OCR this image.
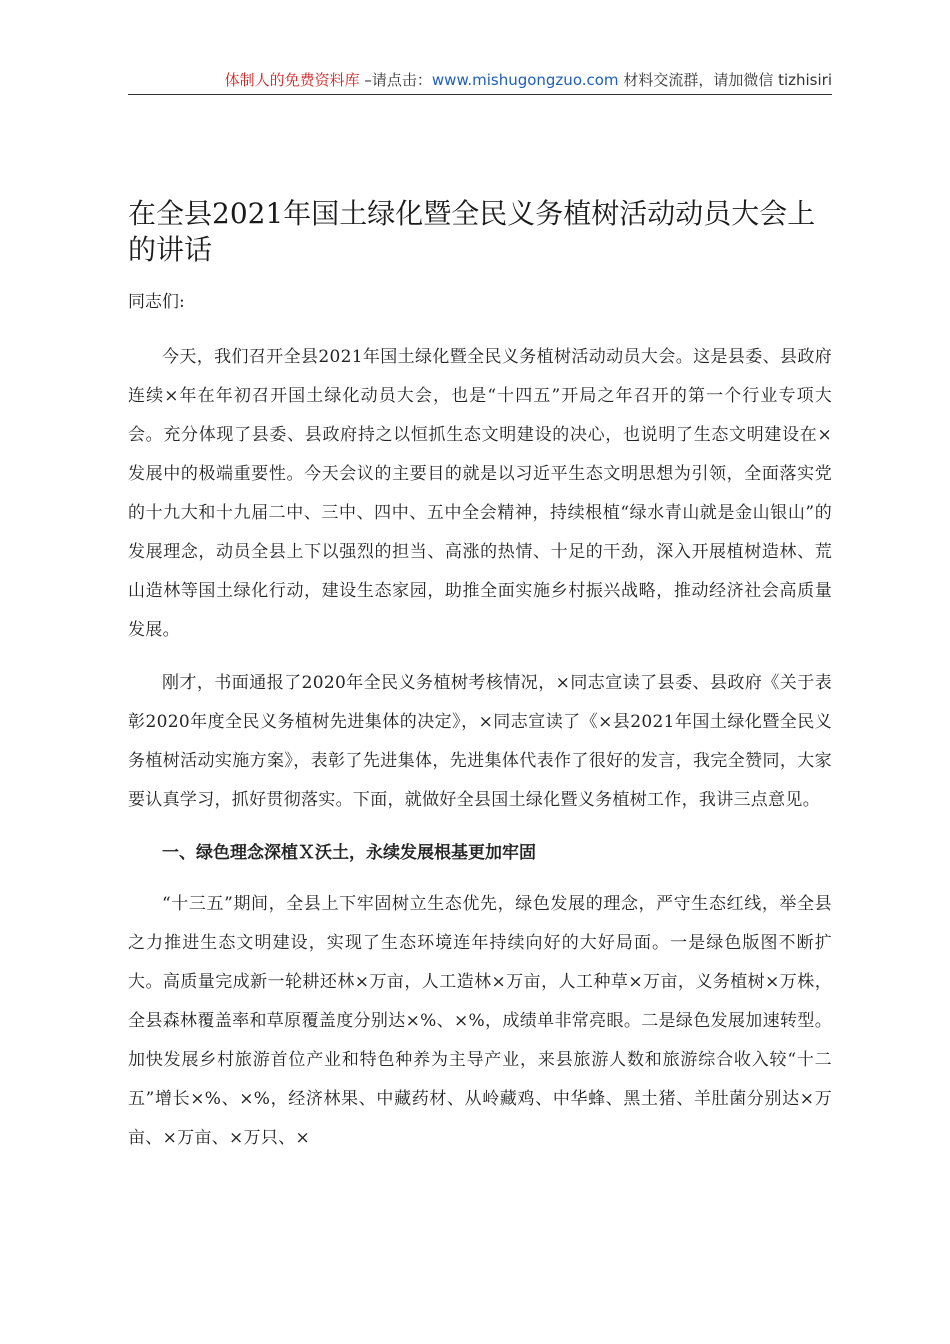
体制人的免费资料库 –请点击：www.mishugongzuo.com 材料交流群，请加微信 tizhisiri
在全县2021年国土绿化暨全民义务植树活动动员大会上的讲话

同志们:

今天，我们召开全县2021年国土绿化暨全民义务植树活动动员大会。这是县委、县政府连续×年在年初召开国土绿化动员大会，也是“十四五”开局之年召开的第一个行业专项大会。充分体现了县委、县政府持之以恒抓生态文明建设的决心，也说明了生态文明建设在×发展中的极端重要性。今天会议的主要目的就是以习近平生态文明思想为引领，全面落实党的十九大和十九届二中、三中、四中、五中全会精神，持续根植“绿水青山就是金山银山”的发展理念，动员全县上下以强烈的担当、高涨的热情、十足的干劲，深入开展植树造林、荒山造林等国土绿化行动，建设生态家园，助推全面实施乡村振兴战略，推动经济社会高质量发展。

刚才，书面通报了2020年全民义务植树考核情况，×同志宣读了县委、县政府《关于表彰2020年度全民义务植树先进集体的决定》，×同志宣读了《×县2021年国土绿化暨全民义务植树活动实施方案》，表彰了先进集体，先进集体代表作了很好的发言，我完全赞同，大家要认真学习，抓好贯彻落实。下面，就做好全县国土绿化暨义务植树工作，我讲三点意见。

一、绿色理念深植Ｘ沃土，永续发展根基更加牢固

“十三五”期间，全县上下牢固树立生态优先，绿色发展的理念，严守生态红线，举全县之力推进生态文明建设，实现了生态环境连年持续向好的大好局面。一是绿色版图不断扩大。高质量完成新一轮耕还林×万亩，人工造林×万亩，人工种草×万亩，义务植树×万株，全县森林覆盖率和草原覆盖度分别达×%、×%，成绩单非常亮眼。二是绿色发展加速转型。加快发展乡村旅游首位产业和特色种养为主导产业，来县旅游人数和旅游综合收入较“十二五”增长×%、×%，经济林果、中藏药材、从岭藏鸡、中华蜂、黑土猪、羊肚菌分别达×万亩、×万亩、×万只、×
